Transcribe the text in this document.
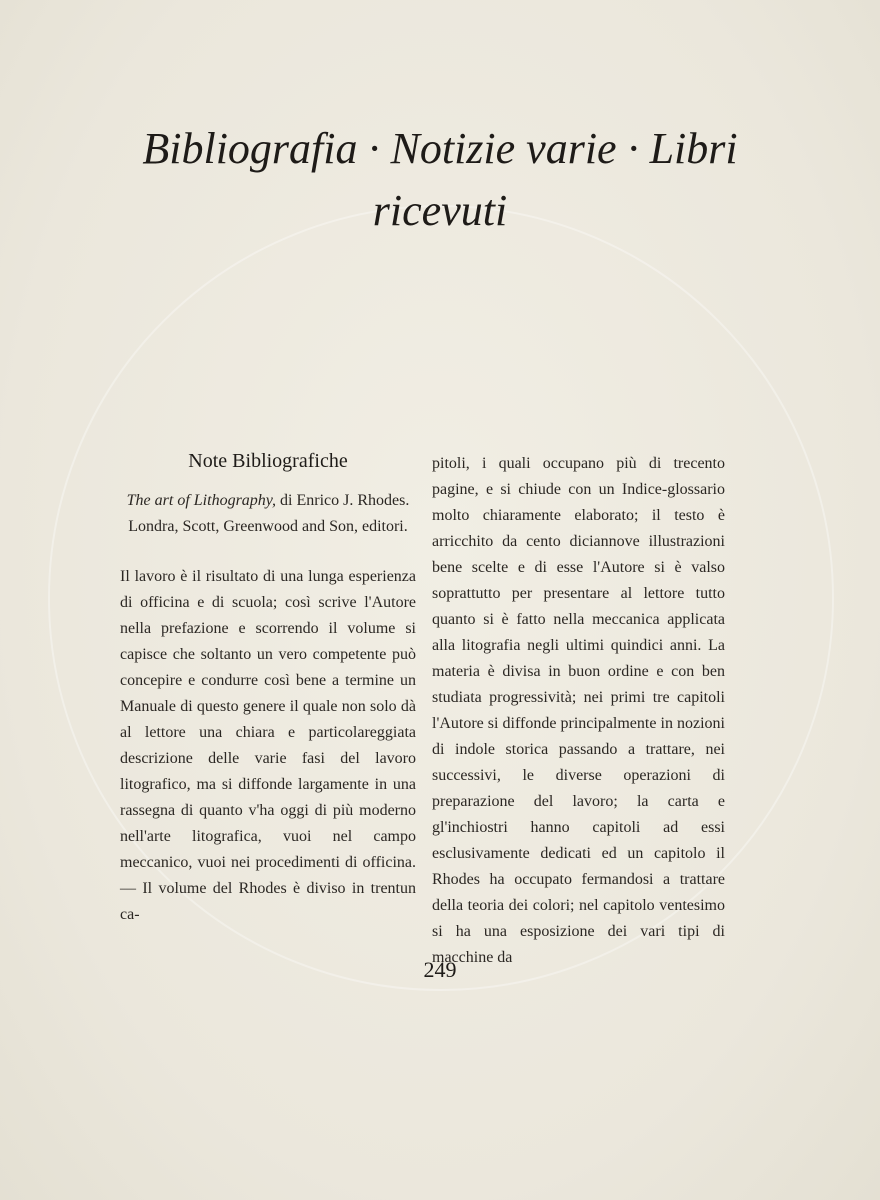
Bibliografia · Notizie varie · Libri
ricevuti
Note Bibliografiche

The art of Lithography, di Enrico J. Rhodes. Londra, Scott, Greenwood and Son, editori.

Il lavoro è il risultato di una lunga esperienza di officina e di scuola; così scrive l'Autore nella prefazione e scorrendo il volume si capisce che soltanto un vero competente può concepire e condurre così bene a termine un Manuale di questo genere il quale non solo dà al lettore una chiara e particolareggiata descrizione delle varie fasi del lavoro litografico, ma si diffonde largamente in una rassegna di quanto v'ha oggi di più moderno nell'arte litografica, vuoi nel campo meccanico, vuoi nei procedimenti di officina.— Il volume del Rhodes è diviso in trentun ca-

pitoli, i quali occupano più di trecento pagine, e si chiude con un Indice-glossario molto chiaramente elaborato; il testo è arricchito da cento diciannove illustrazioni bene scelte e di esse l'Autore si è valso soprattutto per presentare al lettore tutto quanto si è fatto nella meccanica applicata alla litografia negli ultimi quindici anni. La materia è divisa in buon ordine e con ben studiata progressività; nei primi tre capitoli l'Autore si diffonde principalmente in nozioni di indole storica passando a trattare, nei successivi, le diverse operazioni di preparazione del lavoro; la carta e gl'inchiostri hanno capitoli ad essi esclusivamente dedicati ed un capitolo il Rhodes ha occupato fermandosi a trattare della teoria dei colori; nel capitolo ventesimo si ha una esposizione dei vari tipi di macchine da

249
